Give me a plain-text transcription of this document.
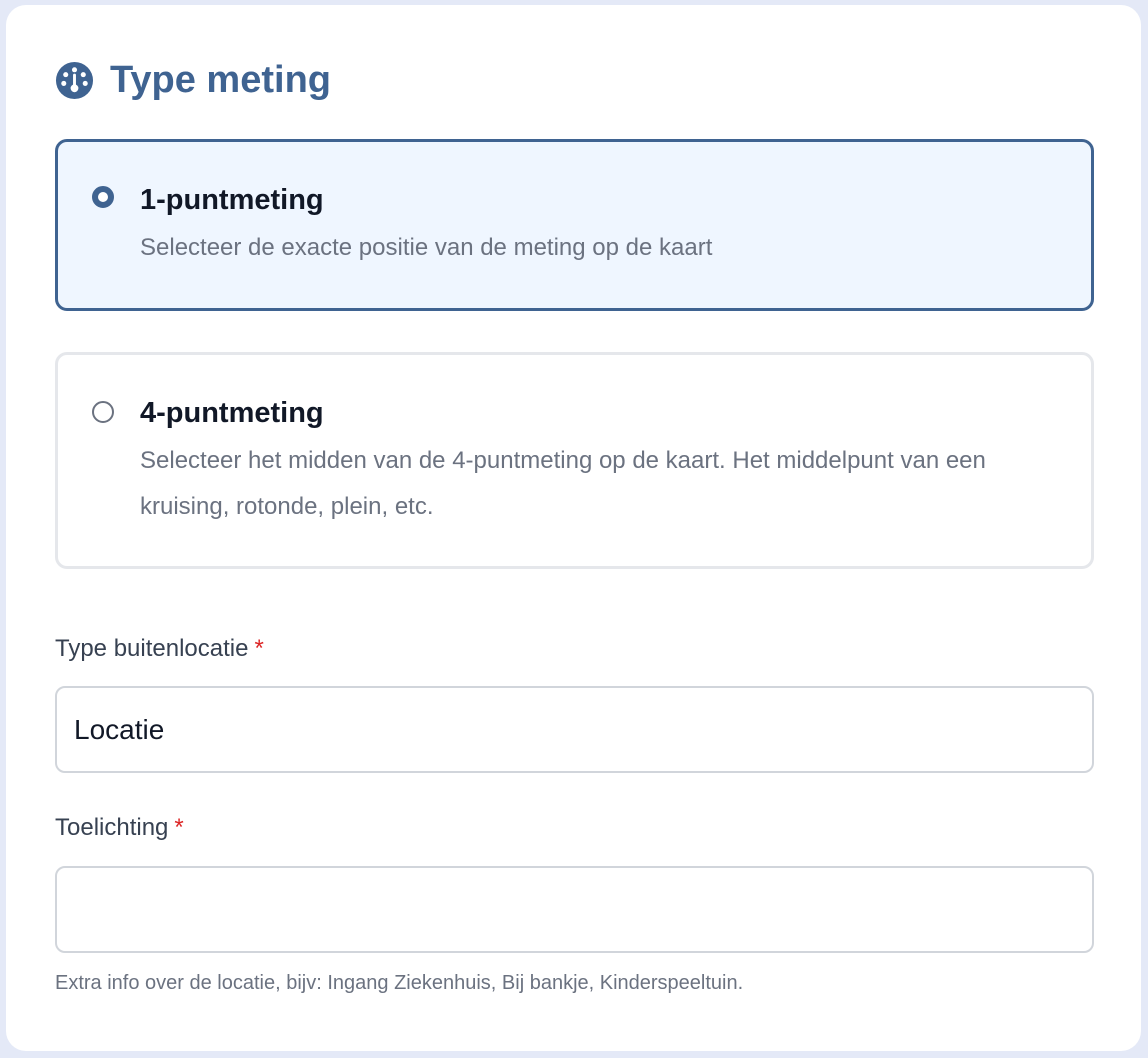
Type meting
1-puntmeting
Selecteer de exacte positie van de meting op de kaart
4-puntmeting
Selecteer het midden van de 4-puntmeting op de kaart. Het middelpunt van een kruising, rotonde, plein, etc.
Type buitenlocatie *
Locatie
Toelichting *
Extra info over de locatie, bijv: Ingang Ziekenhuis, Bij bankje, Kinderspeeltuin.
